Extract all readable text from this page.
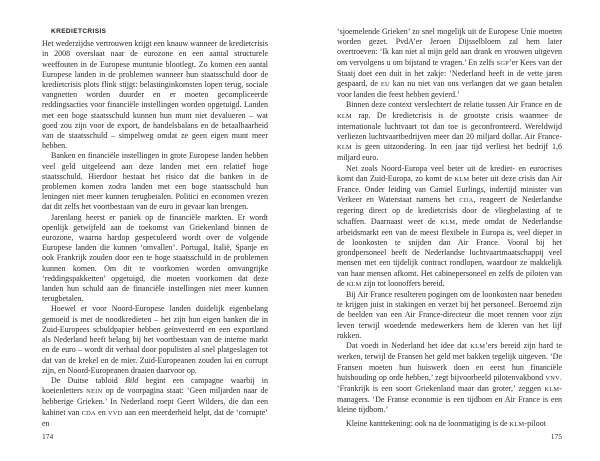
KREDIETCRISIS

Het wederzijdse vertrouwen krijgt een knauw wanneer de kredietcrisis in 2008 overslaat naar de eurozone en een aantal structurele weeffouten in de Europese muntunie blootlegt. Zo komen een aantal Europese landen in de problemen wanneer hun staatsschuld door de kredietcrisis plots flink stijgt: belastinginkomsten lopen terug, sociale vangnetten worden duurder en er moeten gecompliceerde reddingsacties voor financiële instellingen worden opgetuigd. Landen met een hoge staatsschuld kunnen hun munt niet devalueren – wat goed zou zijn voor de export, de handelsbalans en de betaalbaarheid van de staatsschuld – simpelweg omdat ze geen eigen munt meer hebben.

Banken en financiële instellingen in grote Europese landen hebben veel geld uitgeleend aan deze landen met een relatief hoge staatsschuld. Hierdoor bestaat het risico dat die banken in de problemen komen zodra landen met een hoge staatsschuld hun leningen niet meer kunnen terugbetalen. Politici en economen vrezen dat dit zelfs het voortbestaan van de euro in gevaar kan brengen.

Jarenlang heerst er paniek op de financiële markten. Er wordt openlijk getwijfeld aan de toekomst van Griekenland binnen de eurozone, waarna hardop gespeculeerd wordt over de volgende Europese landen die kunnen ‘omvallen’. Portugal, Italië, Spanje en ook Frankrijk zouden door een te hoge staatsschuld in de problemen kunnen komen. Om dit te voorkomen worden omvangrijke ‘reddingspakketten’ opgetuigd, die moeten voorkomen dat deze landen hun schuld aan de financiële instellingen niet meer kunnen terugbetalen.

Hoewel er voor Noord-Europese landen duidelijk eigenbelang gemoeid is met de noodkredieten – het zijn hun eigen banken die in Zuid-Europees schuldpapier hebben geïnvesteerd en een exportland als Nederland heeft belang bij het voortbestaan van de interne markt en de euro – wordt dit verhaal door populisten al snel platgeslagen tot dat van de krekel en de mier. Zuid-Europeanen zouden lui en corrupt zijn, en Noord-Europeanen draaien daarvoor op.

De Duitse tabloid Bild begint een campagne waarbij in koeienletters NEIN op de voorpagina staat: ‘Geen miljarden naar de hebberige Grieken.’ In Nederland roept Geert Wilders, die dan een kabinet van CDA en VVD aan een meerderheid helpt, dat de ‘corrupte’ en

‘sjoemelende Grieken’ zo snel mogelijk uit de Europese Unie moeten worden gezet. PvdA’er Jeroen Dijsselbloem zal hem later overtroeven: ‘Ik kan niet al mijn geld aan drank en vrouwen uitgeven om vervolgens u om bijstand te vragen.’ En zelfs SGP’er Kees van der Staaij doet een duit in het zakje: ‘Nederland heeft in de vette jaren gespaard, de EU kan nu niet van ons verlangen dat we gaan betalen voor landen die feest hebben gevierd.’

Binnen deze context verslechtert de relatie tussen Air France en de KLM rap. De kredietcrisis is de grootste crisis waarmee de internationale luchtvaart tot dan toe is geconfronteerd. Wereldwijd verliezen luchtvaartbedrijven meer dan 20 miljard dollar. Air France-KLM is geen uitzondering. In een jaar tijd verliest het bedrijf 1,6 miljard euro.

Net zoals Noord-Europa veel beter uit de krediet- en eurocrises komt dan Zuid-Europa, zo komt de KLM beter uit deze crisis dan Air France. Onder leiding van Camiel Eurlings, indertijd minister van Verkeer en Waterstaat namens het CDA, reageert de Nederlandse regering direct op de kredietcrisis door de vliegbelasting af te schaffen. Daarnaast weet de KLM, mede omdat de Nederlandse arbeidsmarkt een van de meest flexibele in Europa is, veel dieper in de loonkosten te snijden dan Air France. Vooral bij het grondpersoneel heeft de Nederlandse luchtvaartmaatschappij veel mensen met een tijdelijk contract rondlopen, waardoor ze makkelijk van haar mensen afkomt. Het cabinepersoneel en zelfs de piloten van de KLM zijn tot loonoffers bereid.

Bij Air France resulteren pogingen om de loonkosten naar beneden te krijgen juist in stakingen en verzet bij het personeel. Beroemd zijn de beelden van een Air France-directeur die moet rennen voor zijn leven terwijl woedende medewerkers hem de kleren van het lijf rukken.

Dat voedt in Nederland het idee dat KLM’ers bereid zijn hard te werken, terwijl de Fransen het geld met bakken tegelijk uitgeven. ‘De Fransen moeten hun huiswerk doen en eerst hun financiële huishouding op orde hebben,’ zegt bijvoorbeeld pilotenvakbond VNV. ‘Frankrijk is een soort Griekenland maar dan groter,’ zeggen KLM-managers. ‘De Franse economie is een tijdbom en Air France is een kleine tijdbom.’

Kleine kanttekening: ook na de loonmatiging is de KLM-piloot

174	175
